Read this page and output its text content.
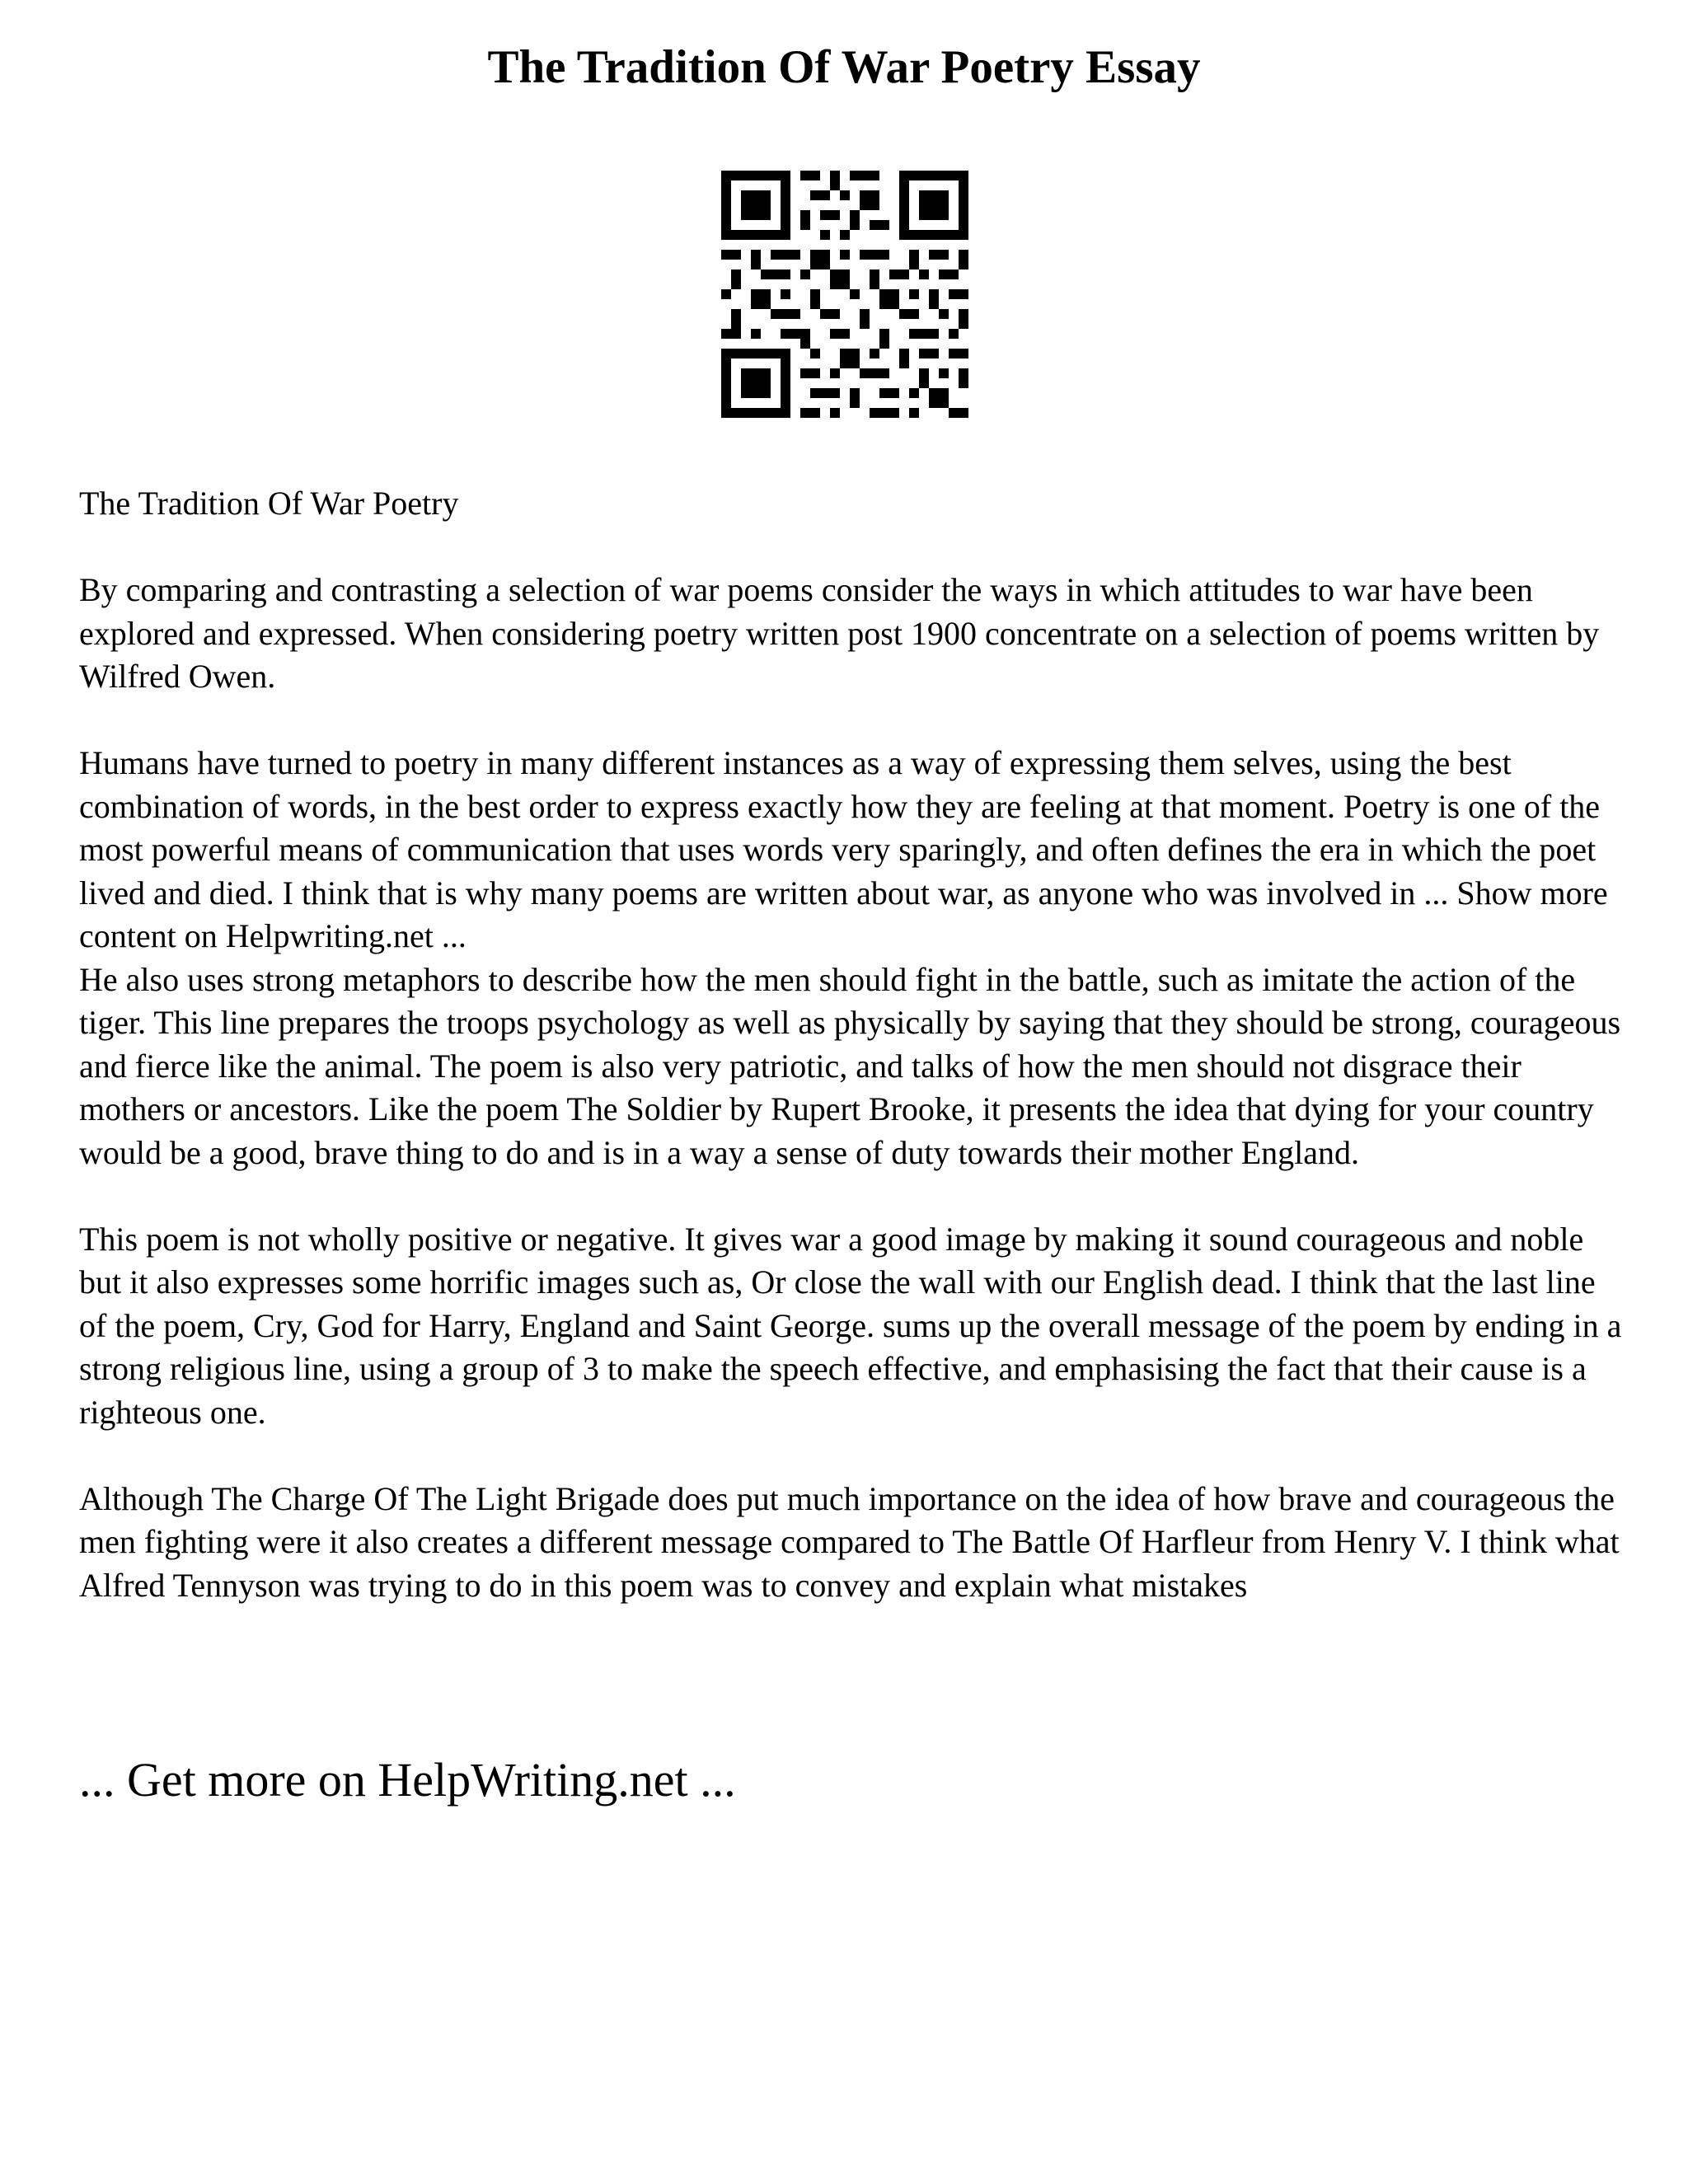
The Tradition Of War Poetry Essay

The Tradition Of War Poetry

By comparing and contrasting a selection of war poems consider the ways in which attitudes to war have been explored and expressed. When considering poetry written post 1900 concentrate on a selection of poems written by Wilfred Owen.

Humans have turned to poetry in many different instances as a way of expressing them selves, using the best combination of words, in the best order to express exactly how they are feeling at that moment. Poetry is one of the most powerful means of communication that uses words very sparingly, and often defines the era in which the poet lived and died. I think that is why many poems are written about war, as anyone who was involved in ... Show more content on Helpwriting.net ...

He also uses strong metaphors to describe how the men should fight in the battle, such as imitate the action of the tiger. This line prepares the troops psychology as well as physically by saying that they should be strong, courageous and fierce like the animal. The poem is also very patriotic, and talks of how the men should not disgrace their mothers or ancestors. Like the poem The Soldier by Rupert Brooke, it presents the idea that dying for your country would be a good, brave thing to do and is in a way a sense of duty towards their mother England.

This poem is not wholly positive or negative. It gives war a good image by making it sound courageous and noble but it also expresses some horrific images such as, Or close the wall with our English dead. I think that the last line of the poem, Cry, God for Harry, England and Saint George. sums up the overall message of the poem by ending in a strong religious line, using a group of 3 to make the speech effective, and emphasising the fact that their cause is a righteous one.

Although The Charge Of The Light Brigade does put much importance on the idea of how brave and courageous the men fighting were it also creates a different message compared to The Battle Of Harfleur from Henry V. I think what Alfred Tennyson was trying to do in this poem was to convey and explain what mistakes

... Get more on HelpWriting.net ...
